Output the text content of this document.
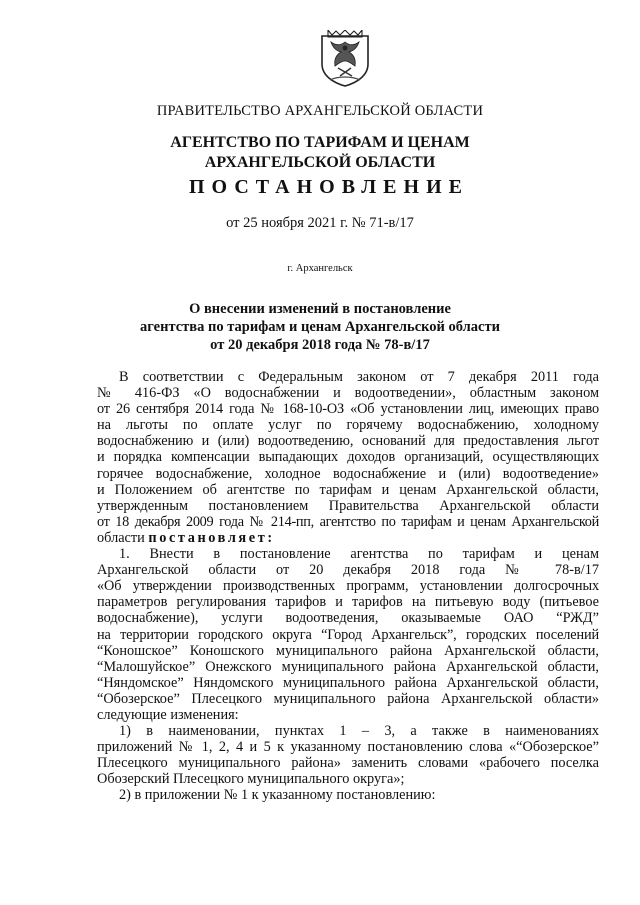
ПРАВИТЕЛЬСТВО АРХАНГЕЛЬСКОЙ ОБЛАСТИ
АГЕНТСТВО ПО ТАРИФАМ И ЦЕНАМ
АРХАНГЕЛЬСКОЙ ОБЛАСТИ
ПОСТАНОВЛЕНИЕ
от 25 ноября 2021 г. № 71-в/17
г. Архангельск
О внесении изменений в постановление
агентства по тарифам и ценам Архангельской области
от 20 декабря 2018 года № 78-в/17
В соответствии с Федеральным законом от 7 декабря 2011 года
№ 416-ФЗ «О водоснабжении и водоотведении», областным законом
от 26 сентября 2014 года № 168-10-ОЗ «Об установлении лиц, имеющих право
на льготы по оплате услуг по горячему водоснабжению, холодному
водоснабжению и (или) водоотведению, оснований для предоставления льгот
и порядка компенсации выпадающих доходов организаций, осуществляющих
горячее водоснабжение, холодное водоснабжение и (или) водоотведение»
и Положением об агентстве по тарифам и ценам Архангельской области,
утвержденным постановлением Правительства Архангельской области
от 18 декабря 2009 года № 214-пп, агентство по тарифам и ценам Архангельской
области постановляет:
1. Внести в постановление агентства по тарифам и ценам
Архангельской области от 20 декабря 2018 года № 78-в/17
«Об утверждении производственных программ, установлении долгосрочных
параметров регулирования тарифов и тарифов на питьевую воду (питьевое
водоснабжение), услуги водоотведения, оказываемые ОАО “РЖД”
на территории городского округа “Город Архангельск”, городских поселений
“Коношское” Коношского муниципального района Архангельской области,
“Малошуйское” Онежского муниципального района Архангельской области,
“Няндомское” Няндомского муниципального района Архангельской области,
“Обозерское” Плесецкого муниципального района Архангельской области»
следующие изменения:
1) в наименовании, пунктах 1 – 3, а также в наименованиях
приложений № 1, 2, 4 и 5 к указанному постановлению слова «“Обозерское”
Плесецкого муниципального района» заменить словами «рабочего поселка
Обозерский Плесецкого муниципального округа»;
2) в приложении № 1 к указанному постановлению:
